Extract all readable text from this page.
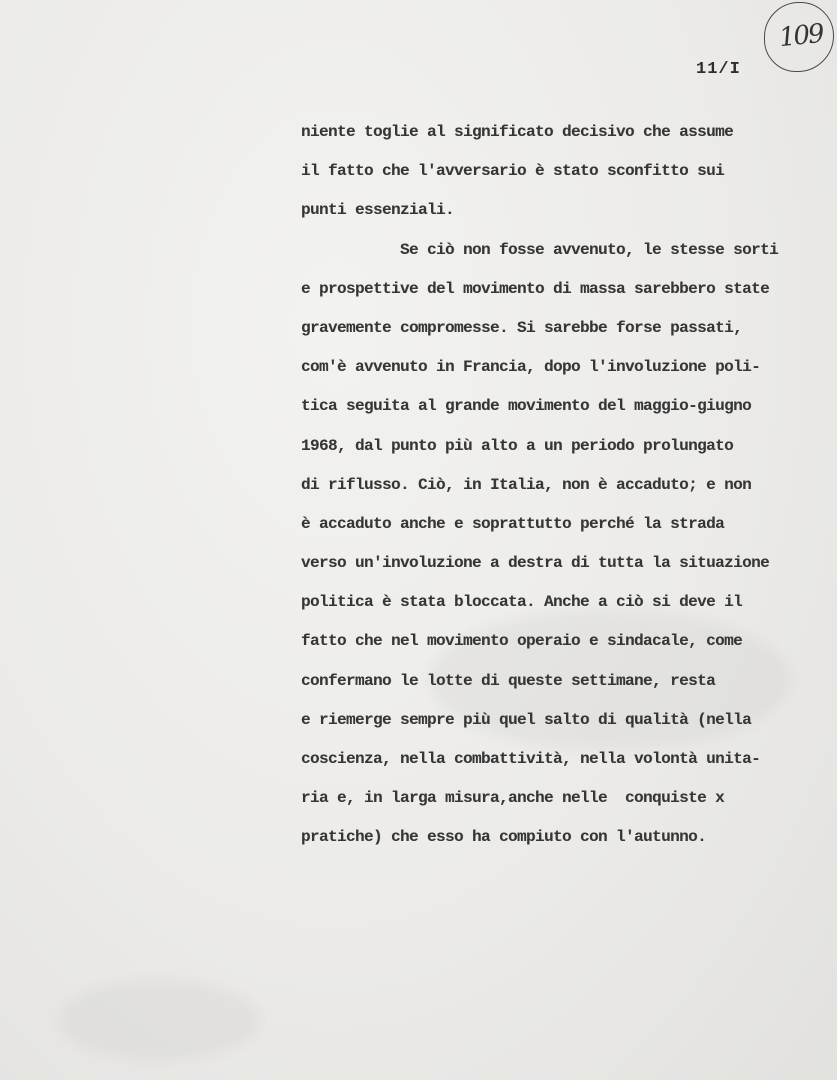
109
11/I
niente toglie al significato decisivo che assume
il fatto che l'avversario è stato sconfitto sui
punti essenziali.
Se ciò non fosse avvenuto, le stesse sorti
e prospettive del movimento di massa sarebbero state
gravemente compromesse. Si sarebbe forse passati,
com'è avvenuto in Francia, dopo l'involuzione poli-
tica seguita al grande movimento del maggio-giugno
1968, dal punto più alto a un periodo prolungato
di riflusso. Ciò, in Italia, non è accaduto; e non
è accaduto anche e soprattutto perché la strada
verso un'involuzione a destra di tutta la situazione
politica è stata bloccata. Anche a ciò si deve il
fatto che nel movimento operaio e sindacale, come
confermano le lotte di queste settimane, resta
e riemerge sempre più quel salto di qualità (nella
coscienza, nella combattività, nella volontà unita-
ria e, in larga misura,anche nelle  conquiste x
pratiche) che esso ha compiuto con l'autunno.
